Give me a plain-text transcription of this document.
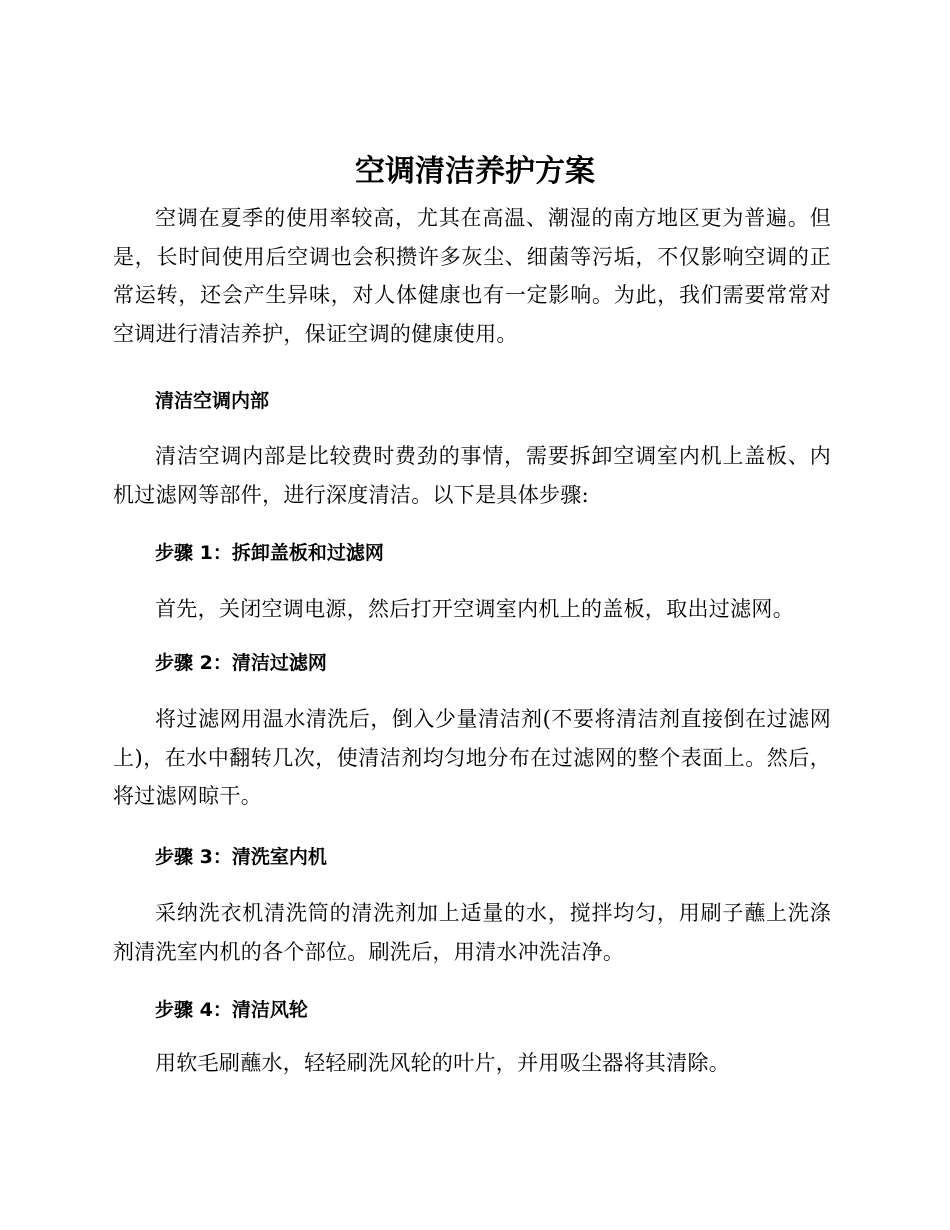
空调清洁养护方案

空调在夏季的使用率较高，尤其在高温、潮湿的南方地区更为普遍。但是，长时间使用后空调也会积攒许多灰尘、细菌等污垢，不仅影响空调的正常运转，还会产生异味，对人体健康也有一定影响。为此，我们需要常常对空调进行清洁养护，保证空调的健康使用。

清洁空调内部

清洁空调内部是比较费时费劲的事情，需要拆卸空调室内机上盖板、内机过滤网等部件，进行深度清洁。以下是具体步骤:

步骤 1：拆卸盖板和过滤网

首先，关闭空调电源，然后打开空调室内机上的盖板，取出过滤网。

步骤 2：清洁过滤网

将过滤网用温水清洗后，倒入少量清洁剂(不要将清洁剂直接倒在过滤网上)，在水中翻转几次，使清洁剂均匀地分布在过滤网的整个表面上。然后，将过滤网晾干。

步骤 3：清洗室内机

采纳洗衣机清洗筒的清洗剂加上适量的水，搅拌均匀，用刷子蘸上洗涤剂清洗室内机的各个部位。刷洗后，用清水冲洗洁净。

步骤 4：清洁风轮

用软毛刷蘸水，轻轻刷洗风轮的叶片，并用吸尘器将其清除。
